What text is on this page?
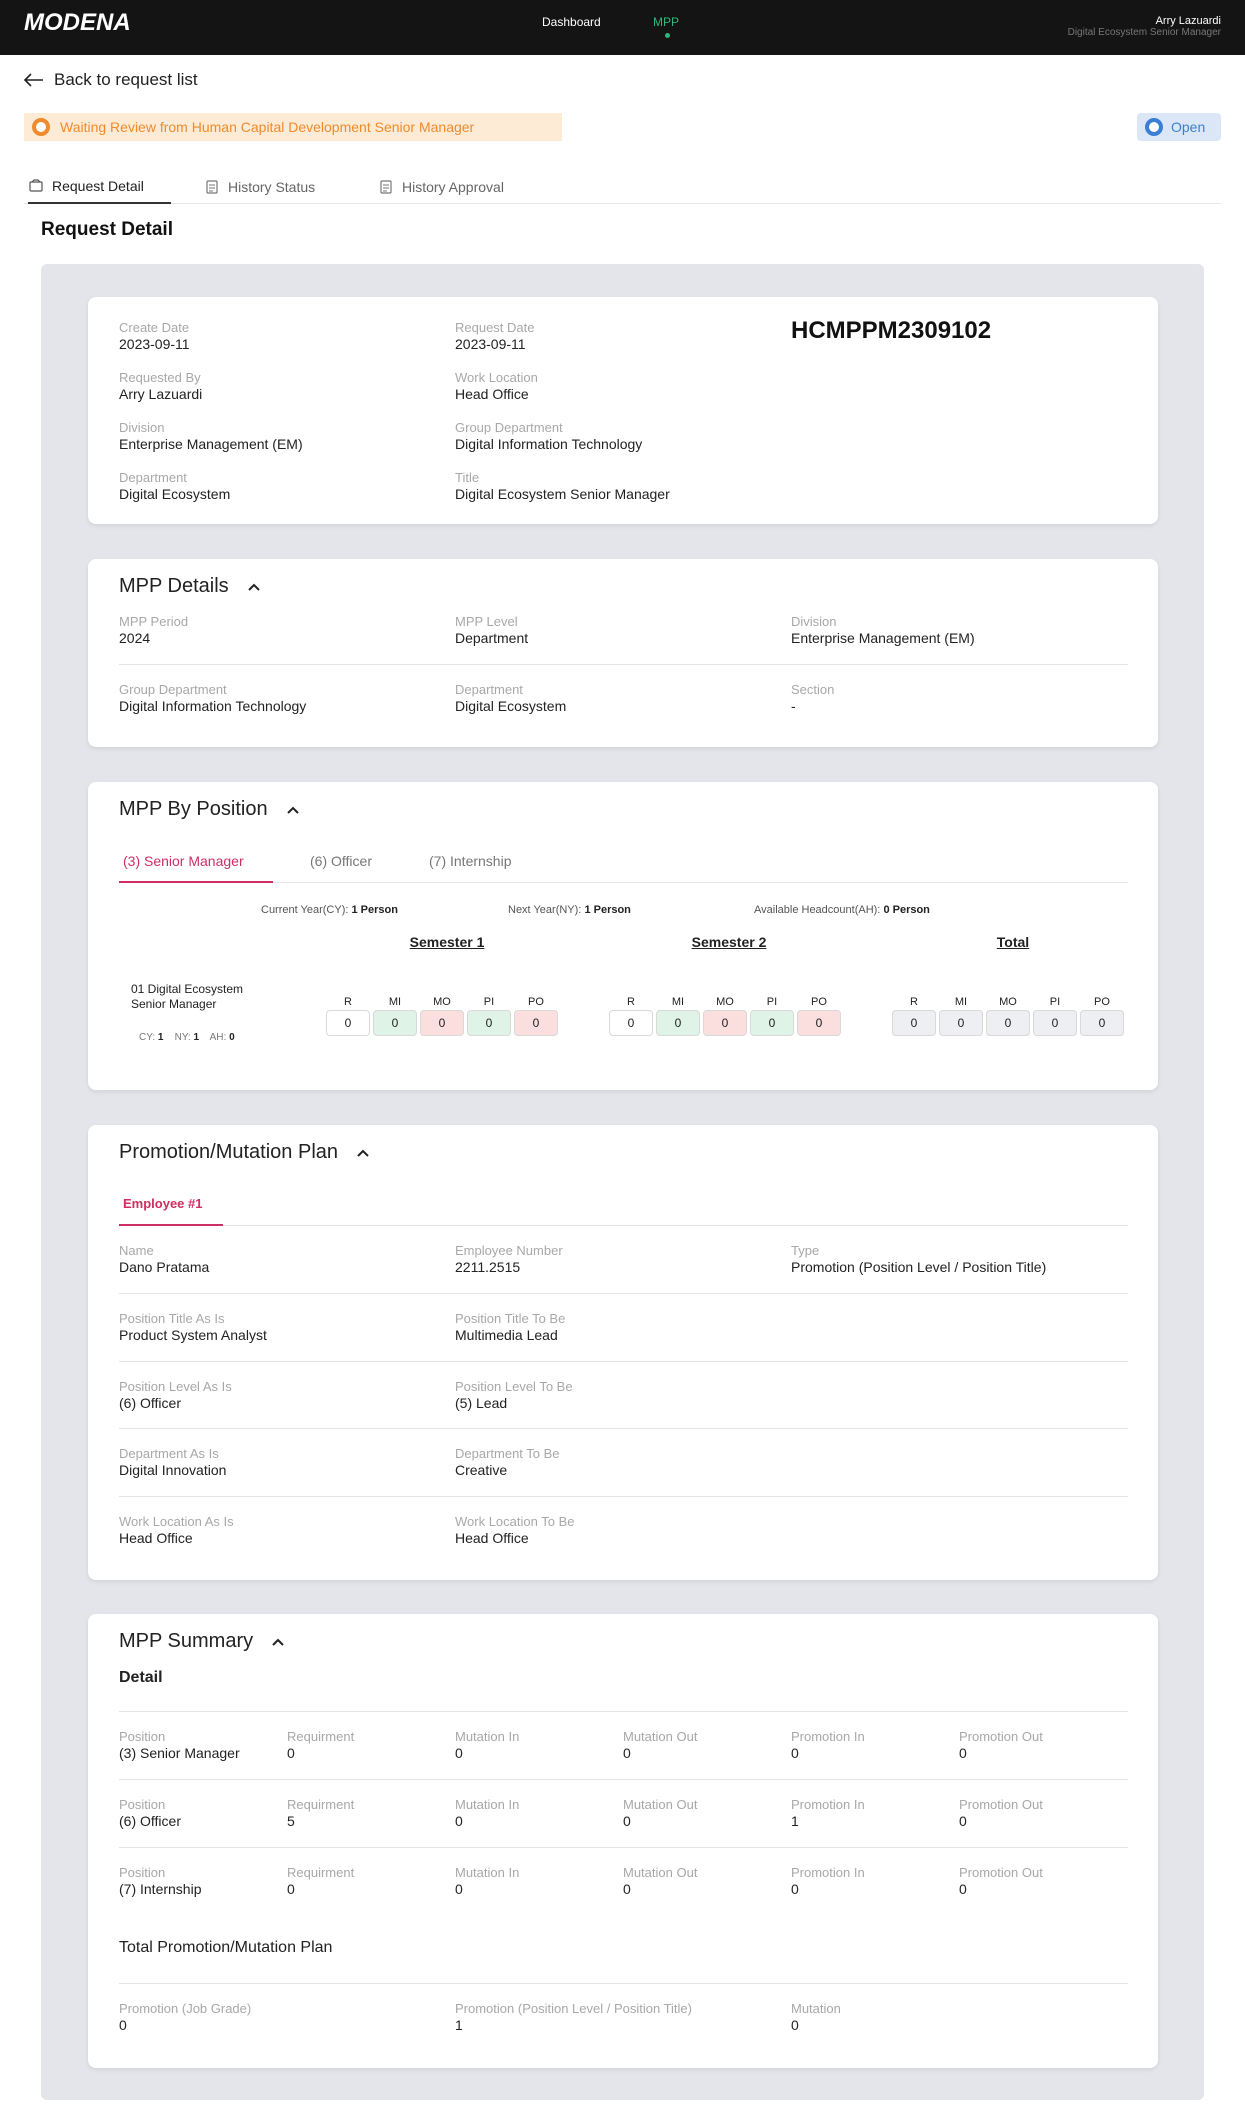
MODENA	Dashboard	MPP	Arry Lazuardi
Digital Ecosystem Senior Manager
Back to request list
Waiting Review from Human Capital Development Senior Manager	Open
Request Detail	History Status	History Approval
Request Detail
Create Date
2023-09-11
Request Date
2023-09-11	HCMPPM2309102
Requested By
Arry Lazuardi
Work Location
Head Office
Division
Enterprise Management (EM)
Group Department
Digital Information Technology
Department
Digital Ecosystem
Title
Digital Ecosystem Senior Manager
MPP Details
MPP Period
2024
MPP Level
Department
Division
Enterprise Management (EM)
Group Department
Digital Information Technology
Department
Digital Ecosystem
Section
-
MPP By Position
(3) Senior Manager	(6) Officer	(7) Internship
Current Year(CY): 1 Person	Next Year(NY): 1 Person	Available Headcount(AH): 0 Person
Semester 1	Semester 2	Total
01 Digital Ecosystem Senior Manager
CY: 1 NY: 1 AH: 0
R
0
MI
0
MO
0
PI
0
PO
0
R
0
MI
0
MO
0
PI
0
PO
0
R
0
MI
0
MO
0
PI
0
PO
0
Promotion/Mutation Plan
Employee #1
Name
Dano Pratama
Employee Number
2211.2515
Type
Promotion (Position Level / Position Title)
Position Title As Is
Product System Analyst
Position Title To Be
Multimedia Lead
Position Level As Is
(6) Officer
Position Level To Be
(5) Lead
Department As Is
Digital Innovation
Department To Be
Creative
Work Location As Is
Head Office
Work Location To Be
Head Office
MPP Summary
Detail
Position
(3) Senior Manager
Requirment
0
Mutation In
0
Mutation Out
0
Promotion In
0
Promotion Out
0
Position
(6) Officer
Requirment
5
Mutation In
0
Mutation Out
0
Promotion In
1
Promotion Out
0
Position
(7) Internship
Requirment
0
Mutation In
0
Mutation Out
0
Promotion In
0
Promotion Out
0
Total Promotion/Mutation Plan
Promotion (Job Grade)
0
Promotion (Position Level / Position Title)
1
Mutation
0
